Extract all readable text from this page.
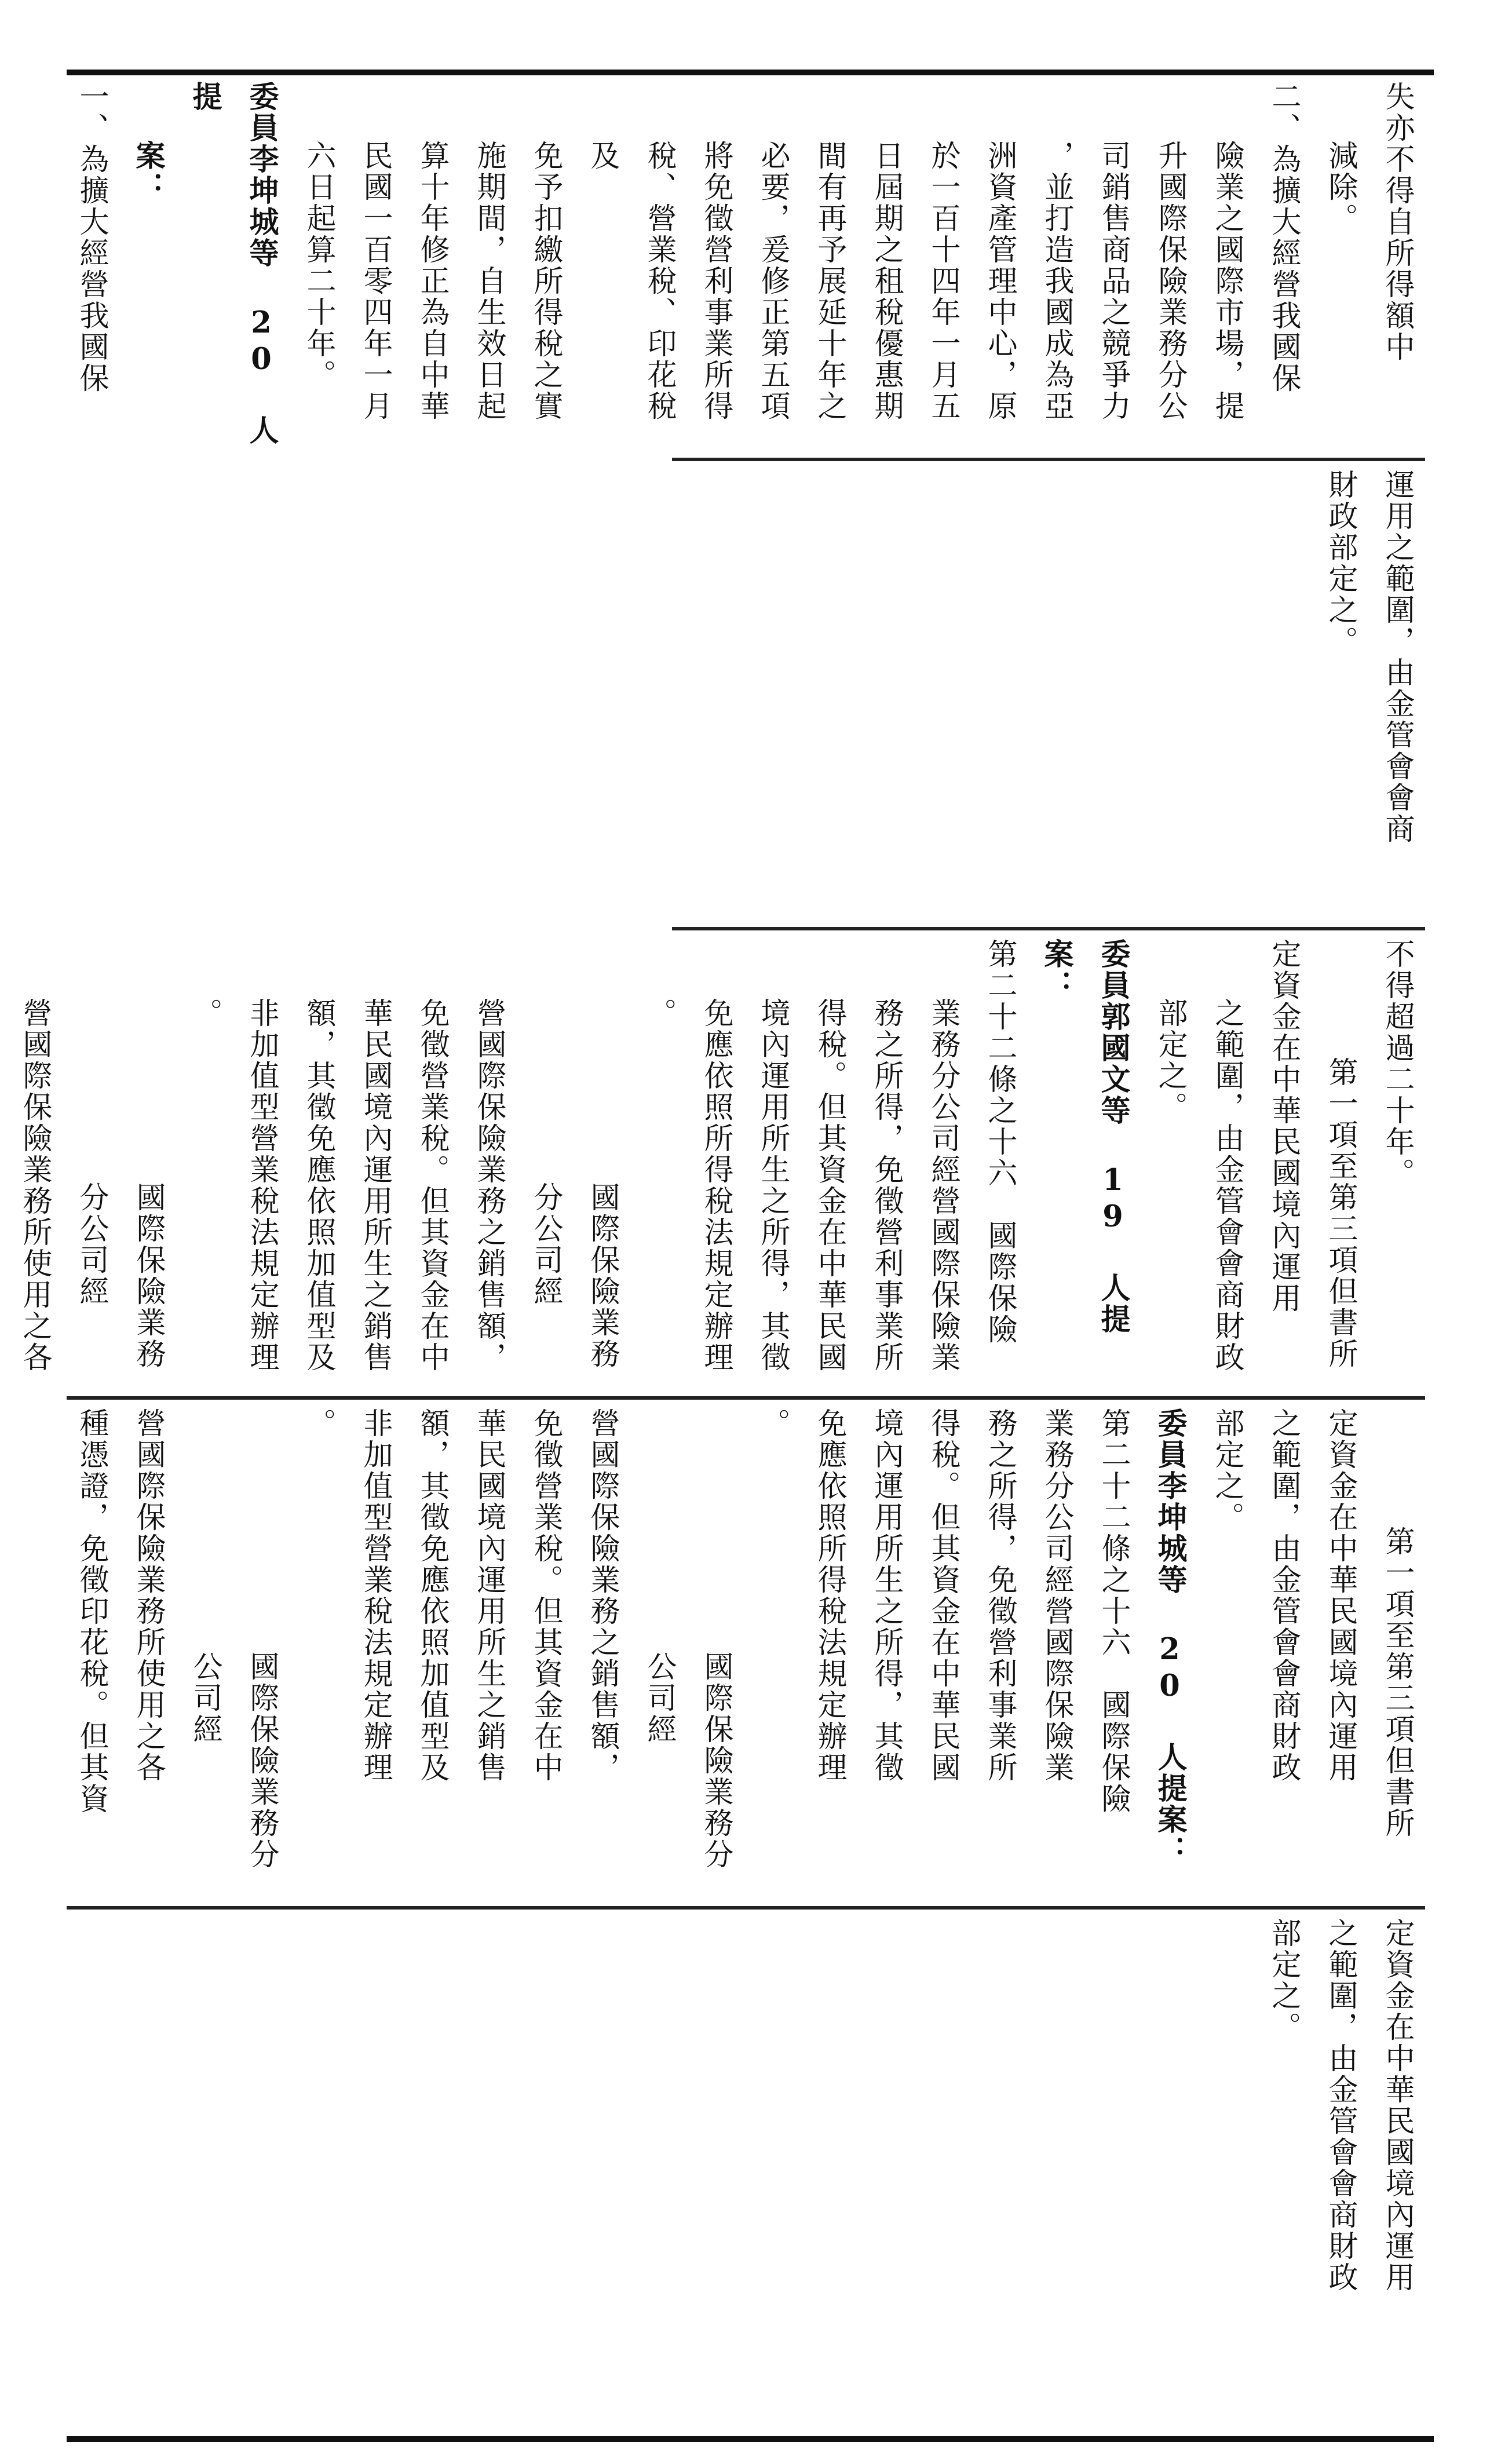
失亦不得自所得額中

減除。

二、為擴大經營我國保

險業之國際市場，提

升國際保險業務分公

司銷售商品之競爭力

，並打造我國成為亞

洲資產管理中心，原

於一百十四年一月五

日屆期之租稅優惠期

間有再予展延十年之

必要，爰修正第五項

將免徵營利事業所得

稅、營業稅、印花稅及

免予扣繳所得稅之實

施期間，自生效日起

算十年修正為自中華

民國一百零四年一月

六日起算二十年。

委員李坤城等 20 人提

案：

一、為擴大經營我國保

運用之範圍，由金管會會商

財政部定之。

不得超過二十年。

第一項至第三項但書所

定資金在中華民國境內運用

之範圍，由金管會會商財政

部定之。

委員郭國文等 19 人提案：

第二十二條之十六　國際保險

業務分公司經營國際保險業

務之所得，免徵營利事業所

得稅。但其資金在中華民國

境內運用所生之所得，其徵

免應依照所得稅法規定辦理

。

國際保險業務分公司經

營國際保險業務之銷售額，

免徵營業稅。但其資金在中

華民國境內運用所生之銷售

額，其徵免應依照加值型及

非加值型營業稅法規定辦理

。

國際保險業務分公司經

營國際保險業務所使用之各

第一項至第三項但書所

定資金在中華民國境內運用

之範圍，由金管會會商財政

部定之。

委員李坤城等 20 人提案：

第二十二條之十六　國際保險

業務分公司經營國際保險業

務之所得，免徵營利事業所

得稅。但其資金在中華民國

境內運用所生之所得，其徵

免應依照所得稅法規定辦理

。

國際保險業務分公司經

營國際保險業務之銷售額，

免徵營業稅。但其資金在中

華民國境內運用所生之銷售

額，其徵免應依照加值型及

非加值型營業稅法規定辦理

。

國際保險業務分公司經

營國際保險業務所使用之各

種憑證，免徵印花稅。但其資

定資金在中華民國境內運用

之範圍，由金管會會商財政

部定之。
